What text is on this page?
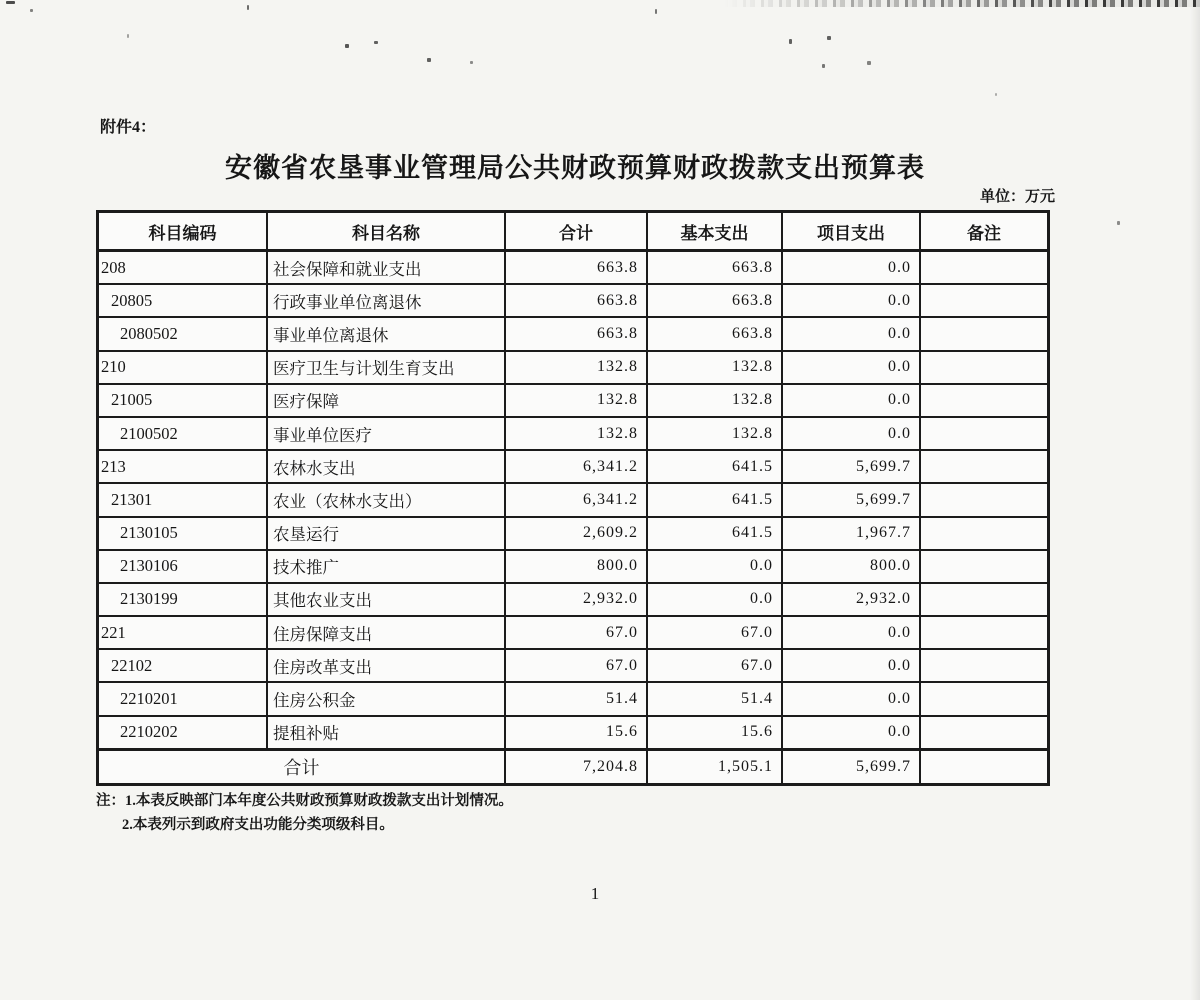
附件4：
安徽省农垦事业管理局公共财政预算财政拨款支出预算表
单位：万元
科目编码	科目名称	合计	基本支出	项目支出	备注
208	社会保障和就业支出	663.8	663.8	0.0
20805	行政事业单位离退休	663.8	663.8	0.0
2080502	事业单位离退休	663.8	663.8	0.0
210	医疗卫生与计划生育支出	132.8	132.8	0.0
21005	医疗保障	132.8	132.8	0.0
2100502	事业单位医疗	132.8	132.8	0.0
213	农林水支出	6,341.2	641.5	5,699.7
21301	农业（农林水支出）	6,341.2	641.5	5,699.7
2130105	农垦运行	2,609.2	641.5	1,967.7
2130106	技术推广	800.0	0.0	800.0
2130199	其他农业支出	2,932.0	0.0	2,932.0
221	住房保障支出	67.0	67.0	0.0
22102	住房改革支出	67.0	67.0	0.0
2210201	住房公积金	51.4	51.4	0.0
2210202	提租补贴	15.6	15.6	0.0
合计	7,204.8	1,505.1	5,699.7
注：1.本表反映部门本年度公共财政预算财政拨款支出计划情况。
2.本表列示到政府支出功能分类项级科目。
1
